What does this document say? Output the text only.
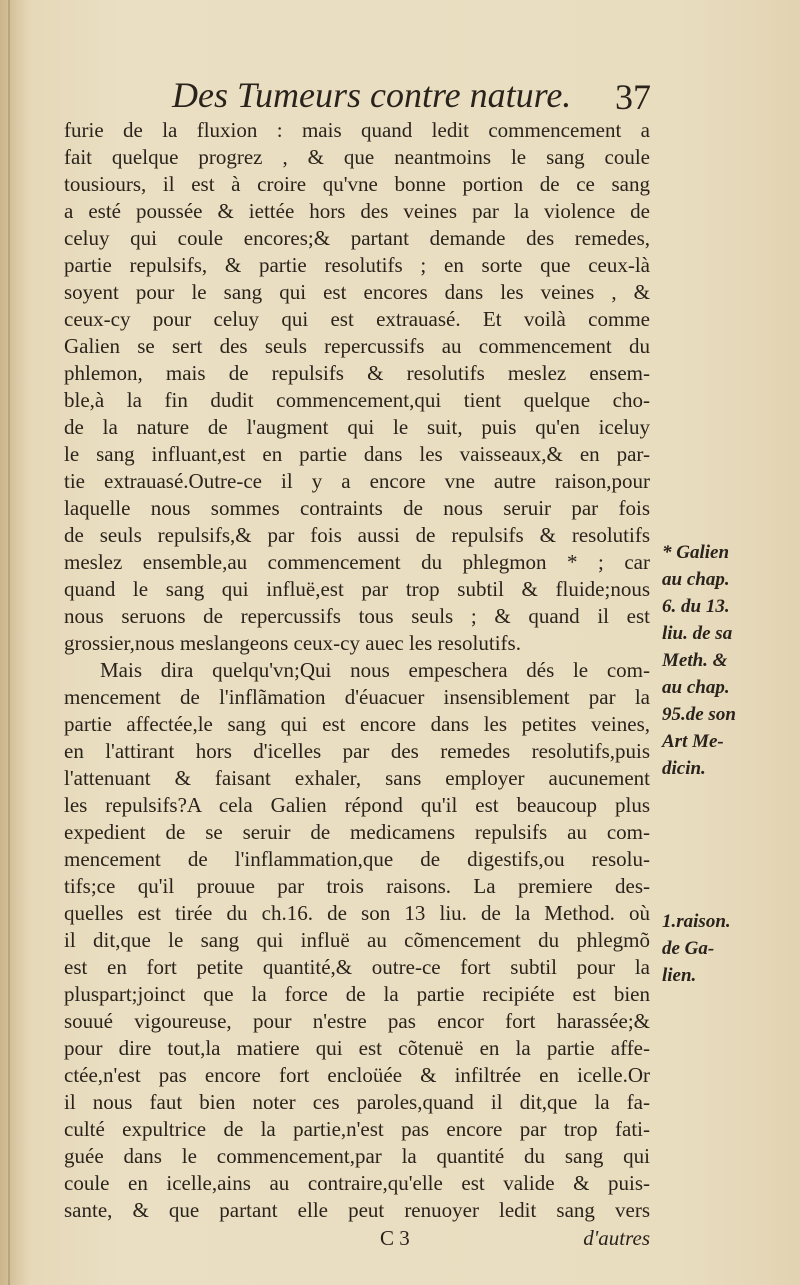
Des Tumeurs contre nature. 37
furie de la fluxion : mais quand ledit commencement a
fait quelque progrez , & que neantmoins le sang coule
tousiours, il est à croire qu'vne bonne portion de ce sang
a esté poussée & iettée hors des veines par la violence de
celuy qui coule encores;& partant demande des remedes,
partie repulsifs, & partie resolutifs ; en sorte que ceux-là
soyent pour le sang qui est encores dans les veines , &
ceux-cy pour celuy qui est extrauasé. Et voilà comme
Galien se sert des seuls repercussifs au commencement du
phlemon, mais de repulsifs & resolutifs meslez ensem-
ble,à la fin dudit commencement,qui tient quelque cho-
de la nature de l'augment qui le suit, puis qu'en iceluy
le sang influant,est en partie dans les vaisseaux,& en par-
tie extrauasé.Outre-ce il y a encore vne autre raison,pour
laquelle nous sommes contraints de nous seruir par fois
de seuls repulsifs,& par fois aussi de repulsifs & resolutifs
meslez ensemble,au commencement du phlegmon * ; car
quand le sang qui influë,est par trop subtil & fluide;nous
nous seruons de repercussifs tous seuls ; & quand il est
grossier,nous meslangeons ceux-cy auec les resolutifs.
Mais dira quelqu'vn;Qui nous empeschera dés le com-
mencement de l'inflãmation d'éuacuer insensiblement par la
partie affectée,le sang qui est encore dans les petites veines,
en l'attirant hors d'icelles par des remedes resolutifs,puis
l'attenuant & faisant exhaler, sans employer aucunement
les repulsifs?A cela Galien répond qu'il est beaucoup plus
expedient de se seruir de medicamens repulsifs au com-
mencement de l'inflammation,que de digestifs,ou resolu-
tifs;ce qu'il prouue par trois raisons. La premiere des-
quelles est tirée du ch.16. de son 13 liu. de la Method. où
il dit,que le sang qui influë au cõmencement du phlegmõ
est en fort petite quantité,& outre-ce fort subtil pour la
pluspart;joinct que la force de la partie recipiéte est bien
souué vigoureuse, pour n'estre pas encor fort harassée;&
pour dire tout,la matiere qui est cõtenuë en la partie affe-
ctée,n'est pas encore fort encloüée & infiltrée en icelle.Or
il nous faut bien noter ces paroles,quand il dit,que la fa-
culté expultrice de la partie,n'est pas encore par trop fati-
guée dans le commencement,par la quantité du sang qui
coule en icelle,ains au contraire,qu'elle est valide & puis-
sante, & que partant elle peut renuoyer ledit sang vers
* Galien
au chap.
6. du 13.
liu. de sa
Meth. &
au chap.
95.de son
Art Me-
dicin.
1.raison.
de Ga-
lien.
C 3	d'autres
